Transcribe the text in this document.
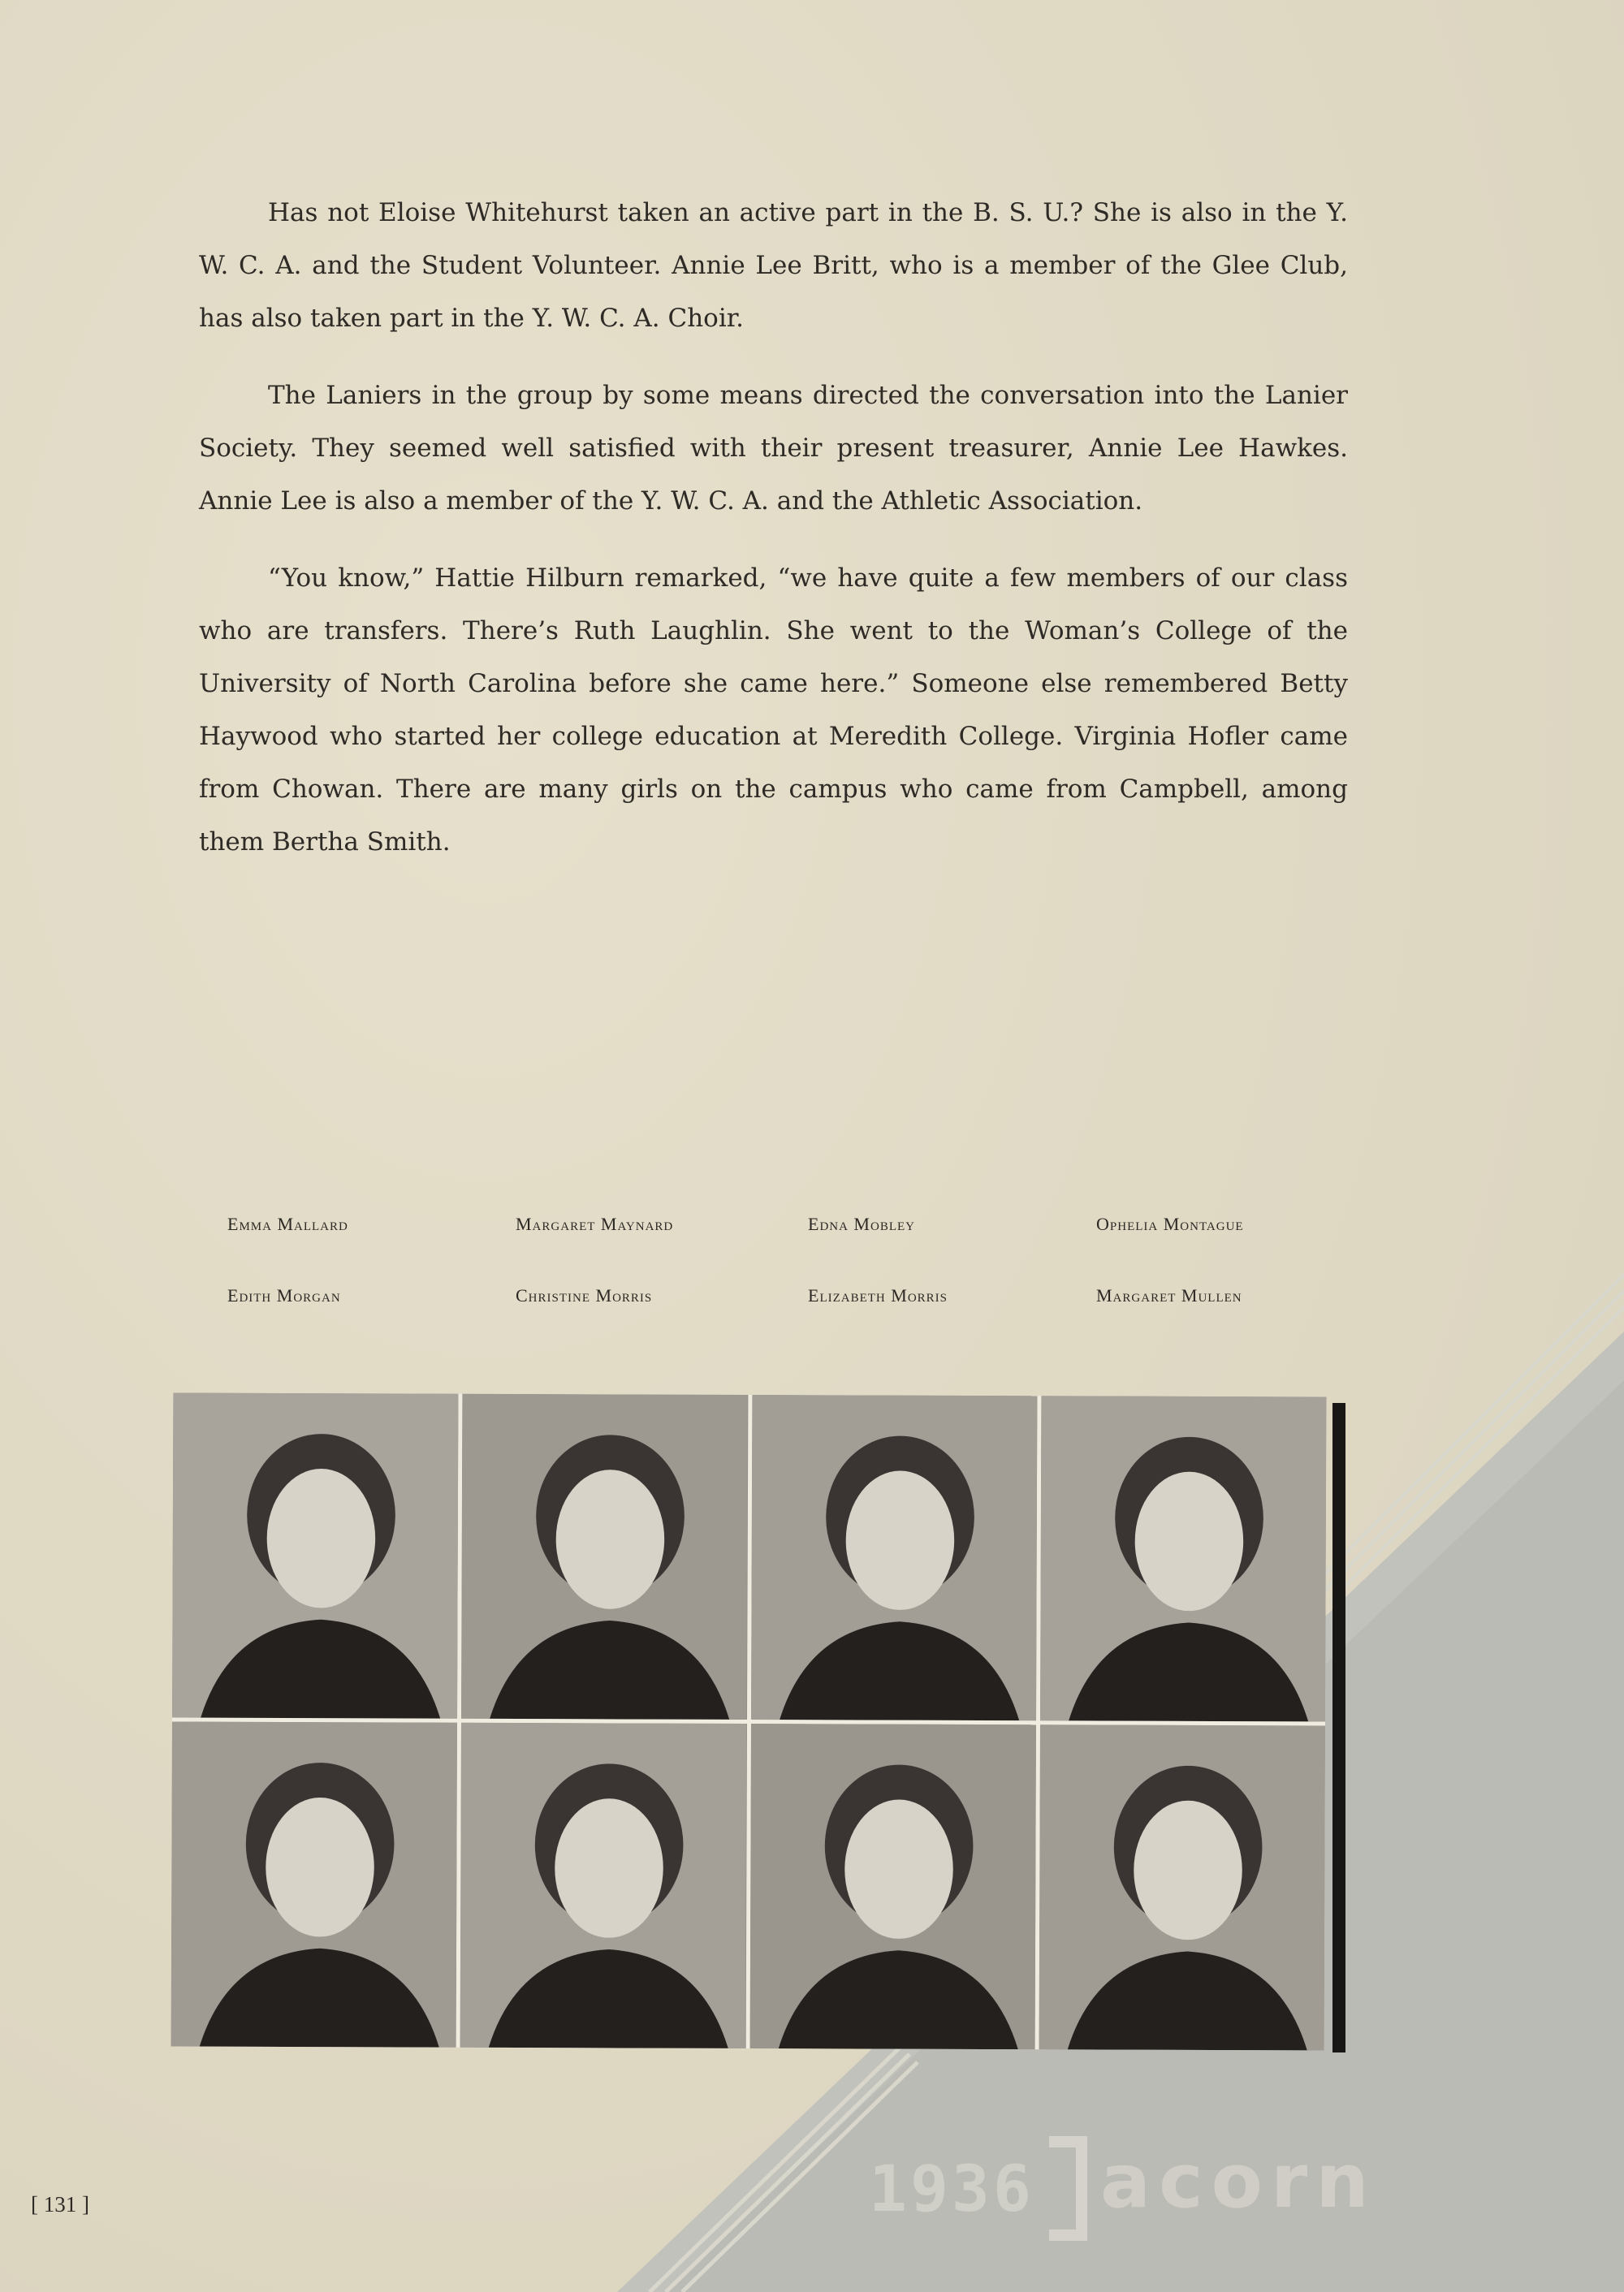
Has not Eloise Whitehurst taken an active part in the B. S. U.? She is also in the Y. W. C. A. and the Student Volunteer. Annie Lee Britt, who is a member of the Glee Club, has also taken part in the Y. W. C. A. Choir.

The Laniers in the group by some means directed the conversation into the Lanier Society. They seemed well satisfied with their present treasurer, Annie Lee Hawkes. Annie Lee is also a member of the Y. W. C. A. and the Athletic Association.

“You know,” Hattie Hilburn remarked, “we have quite a few members of our class who are transfers. There’s Ruth Laughlin. She went to the Woman’s College of the University of North Carolina before she came here.” Someone else remembered Betty Haywood who started her college education at Meredith College. Virginia Hofler came from Chowan. There are many girls on the campus who came from Campbell, among them Bertha Smith.

Emma Mallard	Margaret Maynard	Edna Mobley	Ophelia Montague
Edith Morgan	Christine Morris	Elizabeth Morris	Margaret Mullen
[ 131 ]	1936 acorn
